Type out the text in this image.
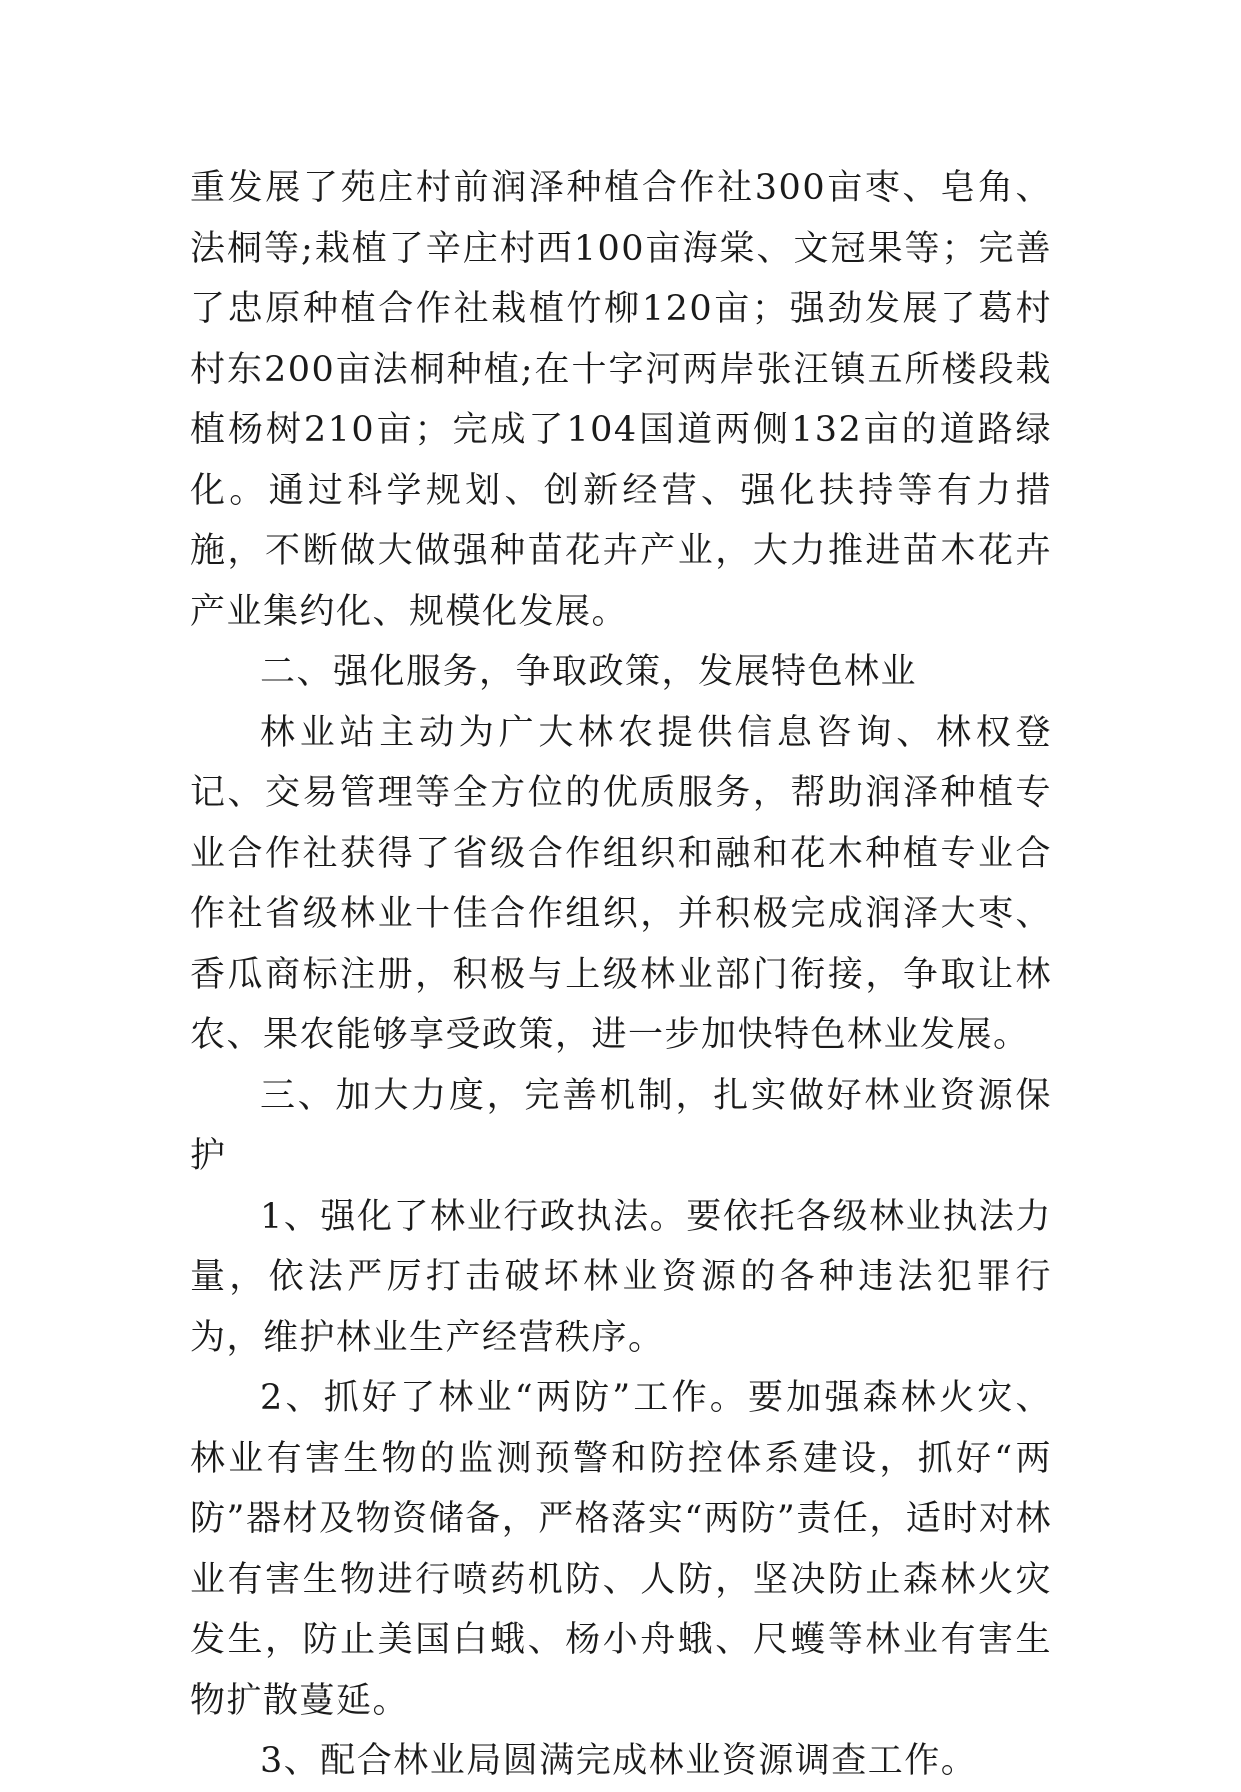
重发展了苑庄村前润泽种植合作社300亩枣、皂角、法桐等;栽植了辛庄村西100亩海棠、文冠果等；完善了忠原种植合作社栽植竹柳120亩；强劲发展了葛村村东200亩法桐种植;在十字河两岸张汪镇五所楼段栽植杨树210亩；完成了104国道两侧132亩的道路绿化。通过科学规划、创新经营、强化扶持等有力措施，不断做大做强种苗花卉产业，大力推进苗木花卉产业集约化、规模化发展。

二、强化服务，争取政策，发展特色林业

林业站主动为广大林农提供信息咨询、林权登记、交易管理等全方位的优质服务，帮助润泽种植专业合作社获得了省级合作组织和融和花木种植专业合作社省级林业十佳合作组织，并积极完成润泽大枣、香瓜商标注册，积极与上级林业部门衔接，争取让林农、果农能够享受政策，进一步加快特色林业发展。

三、加大力度，完善机制，扎实做好林业资源保护

1、强化了林业行政执法。要依托各级林业执法力量，依法严厉打击破坏林业资源的各种违法犯罪行为，维护林业生产经营秩序。

2、抓好了林业“两防”工作。要加强森林火灾、林业有害生物的监测预警和防控体系建设，抓好“两防”器材及物资储备，严格落实“两防”责任，适时对林业有害生物进行喷药机防、人防，坚决防止森林火灾发生，防止美国白蛾、杨小舟蛾、尺蠖等林业有害生物扩散蔓延。

3、配合林业局圆满完成林业资源调查工作。
